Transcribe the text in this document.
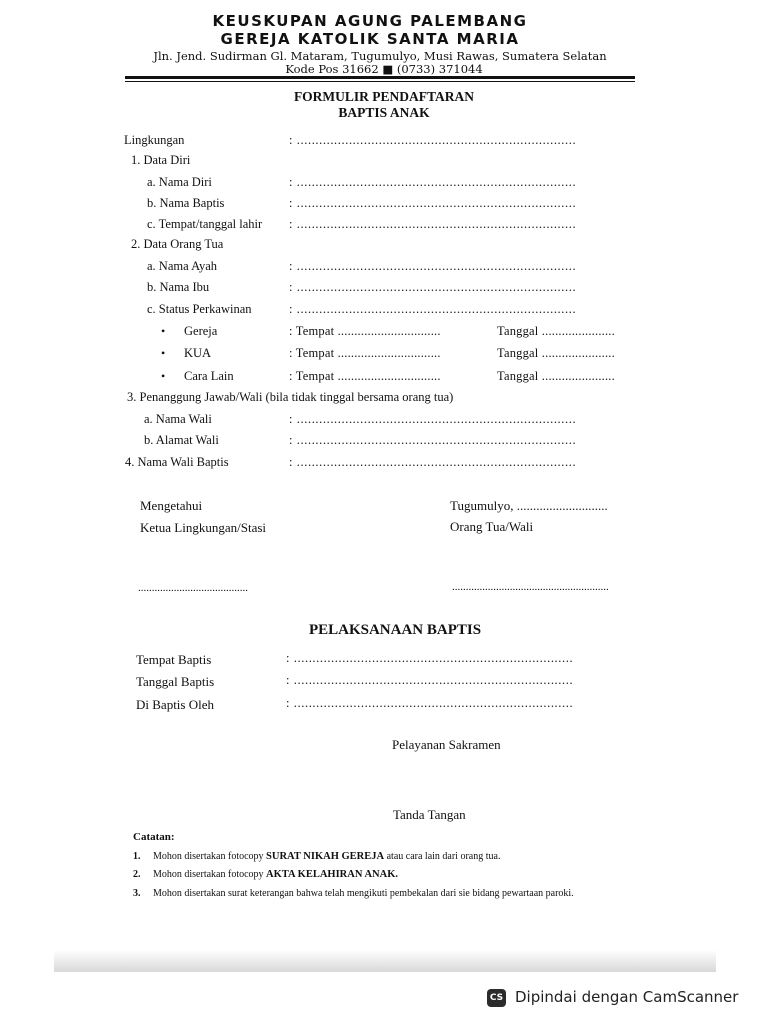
KEUSKUPAN AGUNG PALEMBANG
GEREJA KATOLIK SANTA MARIA
Jln. Jend. Sudirman Gl. Mataram, Tugumulyo, Musi Rawas, Sumatera Selatan
Kode Pos 31662 ■ (0733) 371044
FORMULIR PENDAFTARAN
BAPTIS ANAK
Lingkungan	: ...........................................................................
1. Data Diri
a. Nama Diri	: ...........................................................................
b. Nama Baptis	: ...........................................................................
c. Tempat/tanggal lahir : ...........................................................................
2. Data Orang Tua
a. Nama Ayah	: ...........................................................................
b. Nama Ibu	: ...........................................................................
c. Status Perkawinan	: ...........................................................................
• Gereja	: Tempat ...............................	Tanggal ......................
• KUA	: Tempat ...............................	Tanggal ......................
• Cara Lain	: Tempat ...............................	Tanggal ......................
3. Penanggung Jawab/Wali (bila tidak tinggal bersama orang tua)
a. Nama Wali	: ...........................................................................
b. Alamat Wali	: ...........................................................................
4. Nama Wali Baptis	: ...........................................................................
Mengetahui
Ketua Lingkungan/Stasi
Tugumulyo, ............................
Orang Tua/Wali
........................................	.........................................................
PELAKSANAAN BAPTIS
Tempat Baptis	: ...........................................................................
Tanggal Baptis	: ...........................................................................
Di Baptis Oleh	: ...........................................................................
Pelayanan Sakramen
Tanda Tangan
Catatan:
1. Mohon disertakan fotocopy SURAT NIKAH GEREJA atau cara lain dari orang tua.
2. Mohon disertakan fotocopy AKTA KELAHIRAN ANAK.
3. Mohon disertakan surat keterangan bahwa telah mengikuti pembekalan dari sie bidang pewartaan paroki.
CS Dipindai dengan CamScanner
